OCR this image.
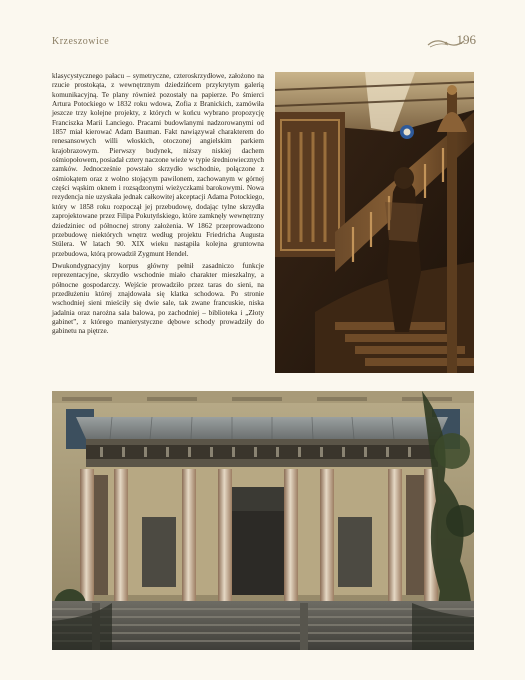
Krzeszowice	196

klasycystycznego pałacu – symetryczne, czteroskrzydłowe, założono na rzucie prostokąta, z wewnętrznym dziedzińcem przykrytym galerią komunikacyjną. Te plany również pozostały na papierze. Po śmierci Artura Potockiego w 1832 roku wdowa, Zofia z Branickich, zamówiła jeszcze trzy kolejne projekty, z których w końcu wybrano propozycję Franciszka Marii Lanciego. Pracami budowlanymi nadzorowanymi od 1857 miał kierować Adam Bauman. Fakt nawiązywał charakterem do renesansowych willi włoskich, otoczonej angielskim parkiem krajobrazowym. Pierwszy budynek, niższy niskiej dachem ośmiopołowem, posiadał cztery naczone wieże w typie średniowiecznych zamków. Jednocześnie powstało skrzydło wschodnie, połączone z ośmiokątem oraz z wolno stojącym pawilonem, zachowanym w górnej części wąskim oknem i rozsądzonymi wieżyczkami barokowymi. Nowa rezydencja nie uzyskała jednak całkowitej akceptacji Adama Potockiego, który w 1858 roku rozpoczął jej przebudowę, dodając tylne skrzydła zaprojektowane przez Filipa Pokutyńskiego, które zamknęły wewnętrzny dziedziniec od północnej strony założenia. W 1862 przeprowadzono przebudowę niektórych wnętrz według projektu Friedricha Augusta Stülera. W latach 90. XIX wieku nastąpiła kolejna gruntowna przebudowa, którą prowadził Zygmunt Hendel.

Dwukondygnacyjny korpus główny pełnił zasadniczo funkcje reprezentacyjne, skrzydło wschodnie miało charakter mieszkalny, a północne gospodarczy. Wejście prowadziło przez taras do sieni, na przedłużeniu której znajdowała się klatka schodowa. Po stronie wschodniej sieni mieściły się dwie sale, tak zwane francuskie, niska jadalnia oraz narożna sala balowa, po zachodniej – biblioteka i „Złoty gabinet”, z którego manierystyczne dębowe schody prowadziły do gabinetu na piętrze.
